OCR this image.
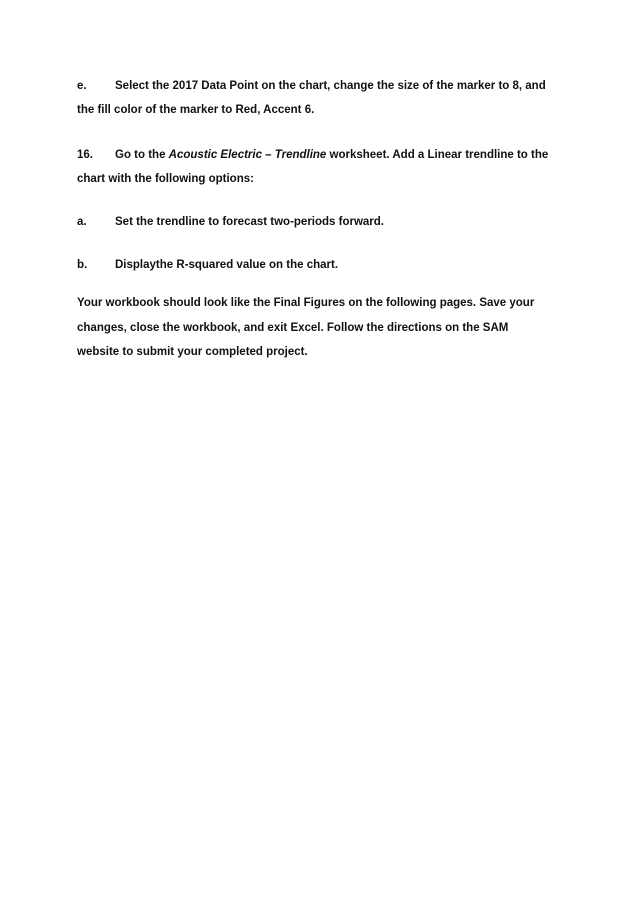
e. Select the 2017 Data Point on the chart, change the size of the marker to 8, and
the fill color of the marker to Red, Accent 6.
16. Go to the Acoustic Electric – Trendline worksheet. Add a Linear trendline to the
chart with the following options:
a. Set the trendline to forecast two-periods forward.
b. Displaythe R-squared value on the chart.
Your workbook should look like the Final Figures on the following pages. Save your
changes, close the workbook, and exit Excel. Follow the directions on the SAM
website to submit your completed project.
